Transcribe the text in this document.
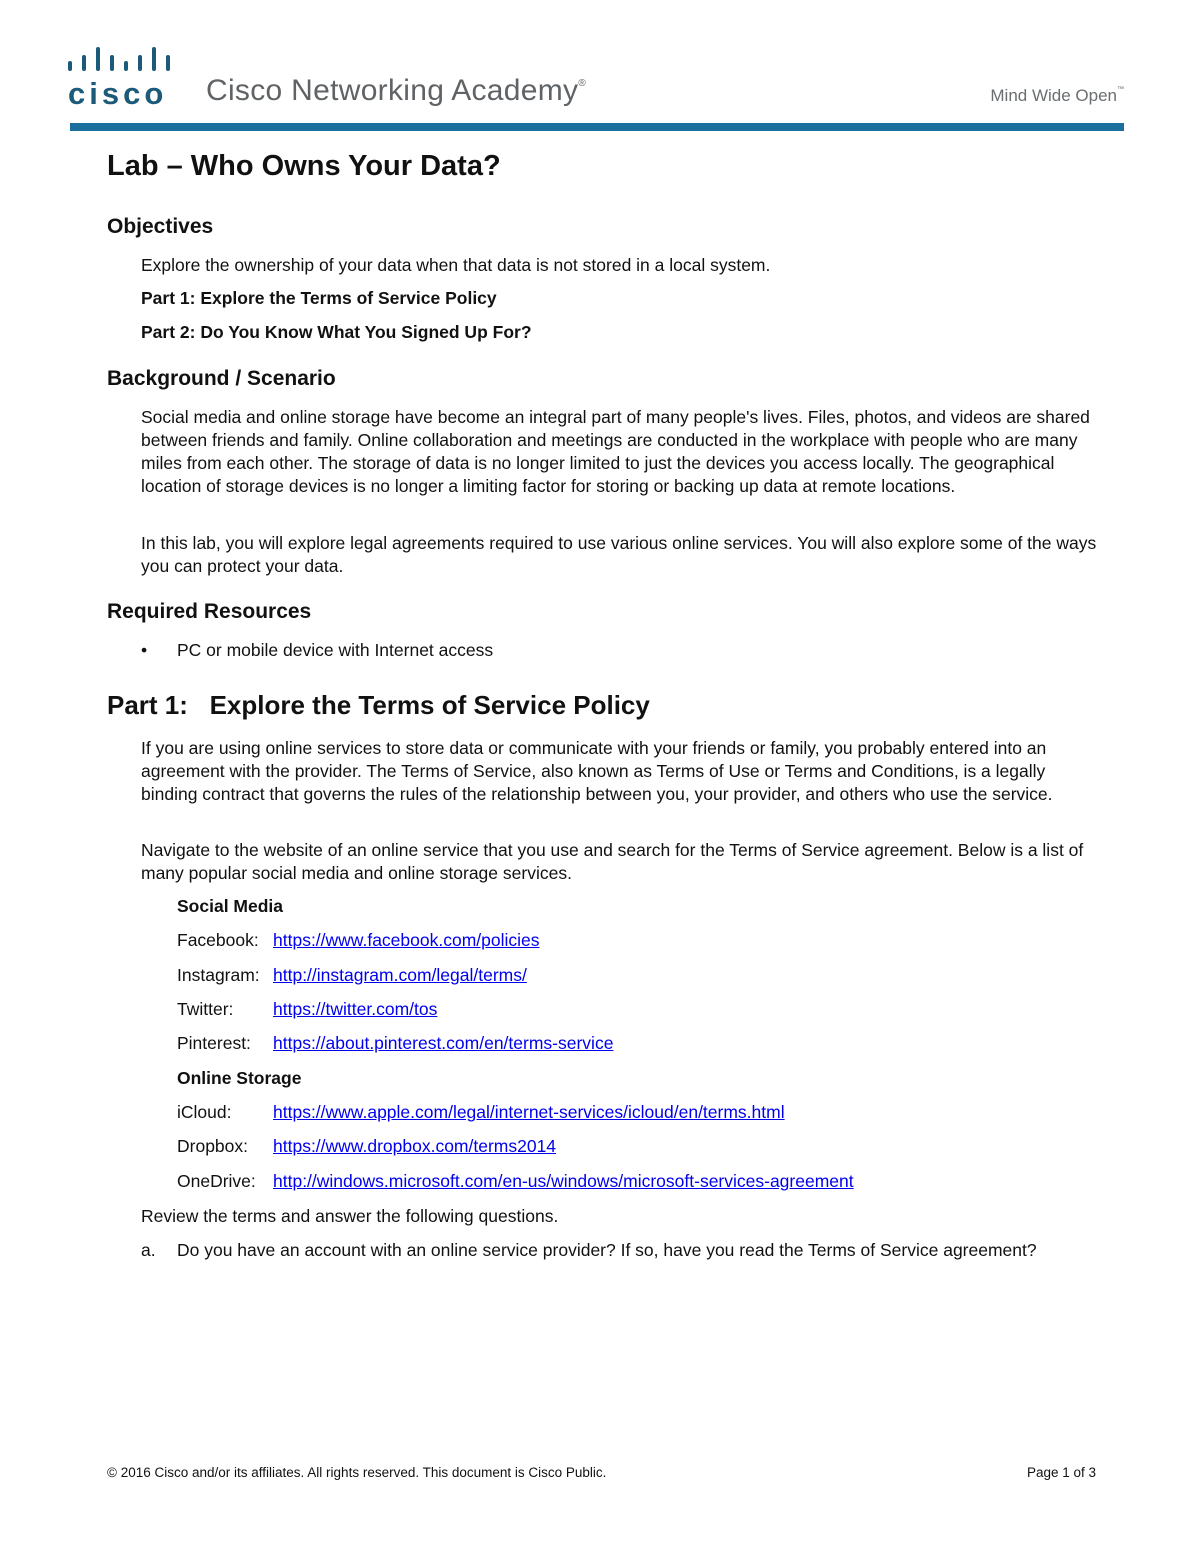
cisco Cisco Networking Academy®
Mind Wide Open™
Lab – Who Owns Your Data?
Objectives

Explore the ownership of your data when that data is not stored in a local system.

Part 1: Explore the Terms of Service Policy

Part 2: Do You Know What You Signed Up For?

Background / Scenario

Social media and online storage have become an integral part of many people's lives. Files, photos, and videos are shared between friends and family. Online collaboration and meetings are conducted in the workplace with people who are many miles from each other. The storage of data is no longer limited to just the devices you access locally. The geographical location of storage devices is no longer a limiting factor for storing or backing up data at remote locations.

In this lab, you will explore legal agreements required to use various online services. You will also explore some of the ways you can protect your data.

Required Resources
• PC or mobile device with Internet access
Part 1: Explore the Terms of Service Policy

If you are using online services to store data or communicate with your friends or family, you probably entered into an agreement with the provider. The Terms of Service, also known as Terms of Use or Terms and Conditions, is a legally binding contract that governs the rules of the relationship between you, your provider, and others who use the service.

Navigate to the website of an online service that you use and search for the Terms of Service agreement. Below is a list of many popular social media and online storage services.

Social Media
Facebook: https://www.facebook.com/policies
Instagram: http://instagram.com/legal/terms/
Twitter: https://twitter.com/tos
Pinterest: https://about.pinterest.com/en/terms-service
Online Storage
iCloud: https://www.apple.com/legal/internet-services/icloud/en/terms.html
Dropbox: https://www.dropbox.com/terms2014
OneDrive: http://windows.microsoft.com/en-us/windows/microsoft-services-agreement

Review the terms and answer the following questions.

a. Do you have an account with an online service provider? If so, have you read the Terms of Service agreement?
© 2016 Cisco and/or its affiliates. All rights reserved. This document is Cisco Public.	Page 1 of 3
